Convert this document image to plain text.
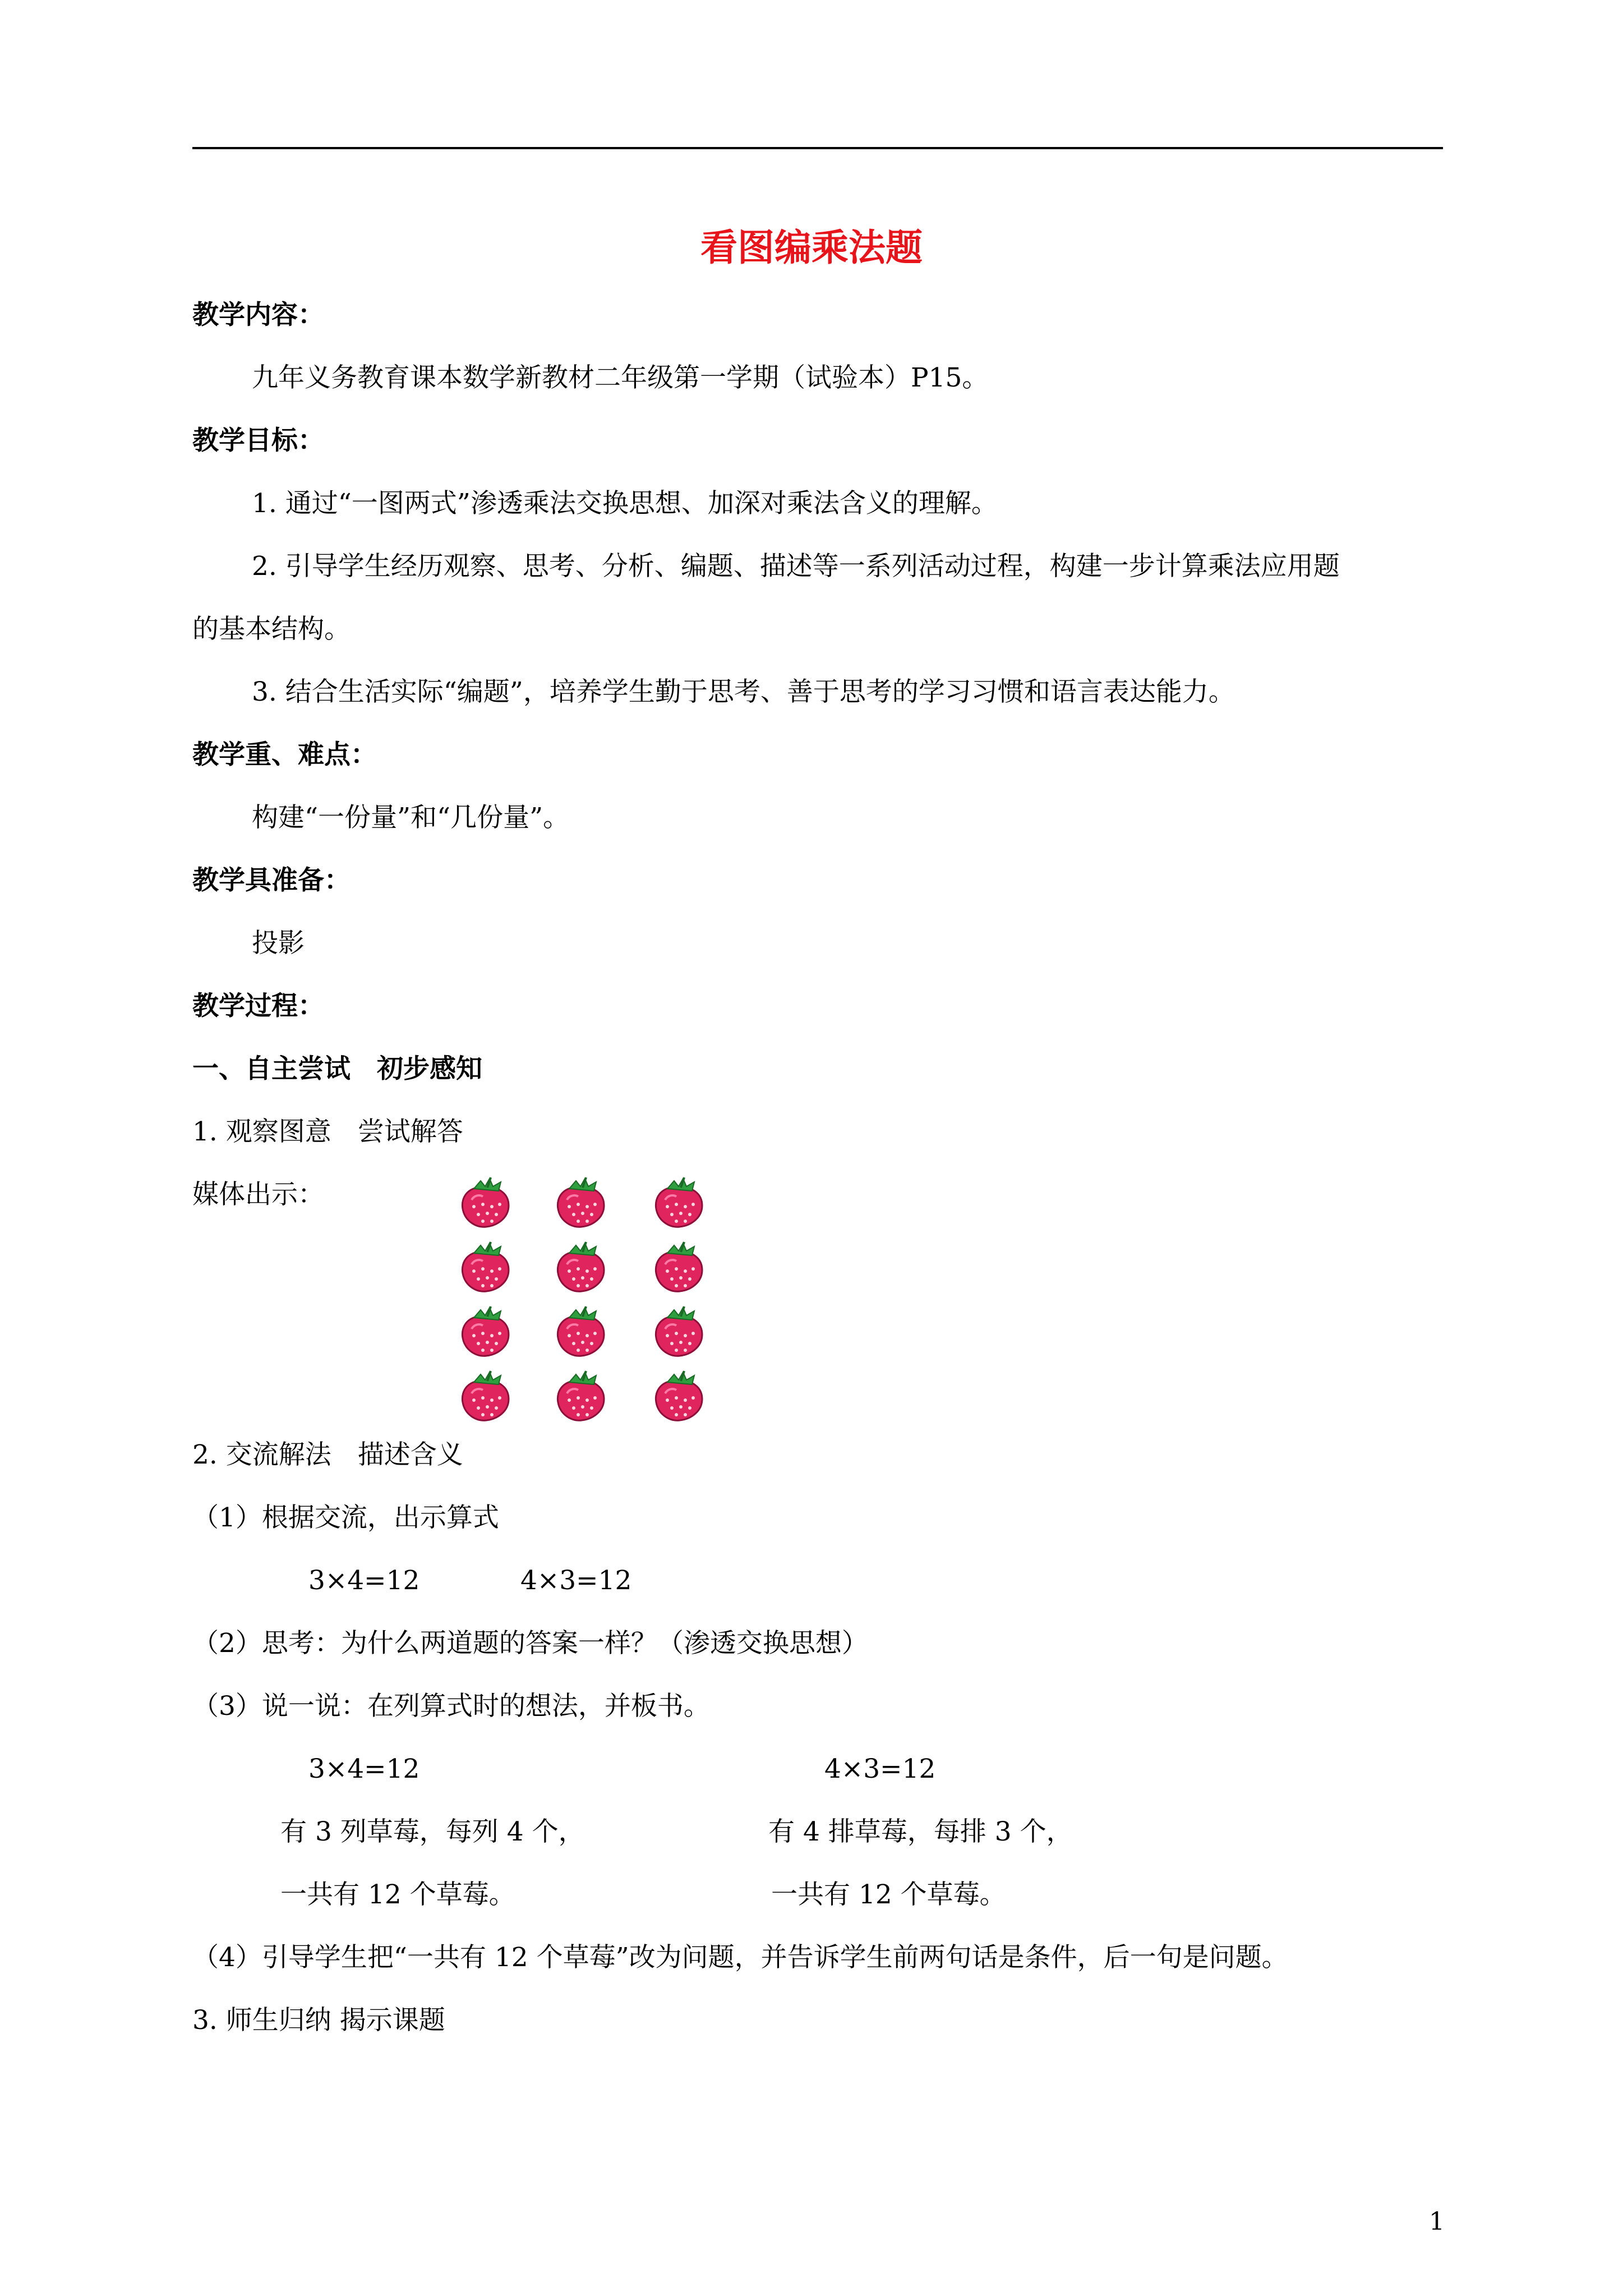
看图编乘法题
教学内容：
九年义务教育课本数学新教材二年级第一学期（试验本）P15。
教学目标：
1. 通过“一图两式”渗透乘法交换思想、加深对乘法含义的理解。
2. 引导学生经历观察、思考、分析、编题、描述等一系列活动过程，构建一步计算乘法应用题
的基本结构。
3. 结合生活实际“编题”，培养学生勤于思考、善于思考的学习习惯和语言表达能力。
教学重、难点：
构建“一份量”和“几份量”。
教学具准备：
投影
教学过程：
一、自主尝试　初步感知
1. 观察图意　尝试解答
媒体出示：
2. 交流解法　描述含义
（1）根据交流，出示算式
3×4=12	4×3=12
（2）思考：为什么两道题的答案一样？（渗透交换思想）
（3）说一说：在列算式时的想法，并板书。
3×4=12	4×3=12
有 3 列草莓，每列 4 个，	有 4 排草莓，每排 3 个，
一共有 12 个草莓。	一共有 12 个草莓。
（4）引导学生把“一共有 12 个草莓”改为问题，并告诉学生前两句话是条件，后一句是问题。
3. 师生归纳 揭示课题
1
